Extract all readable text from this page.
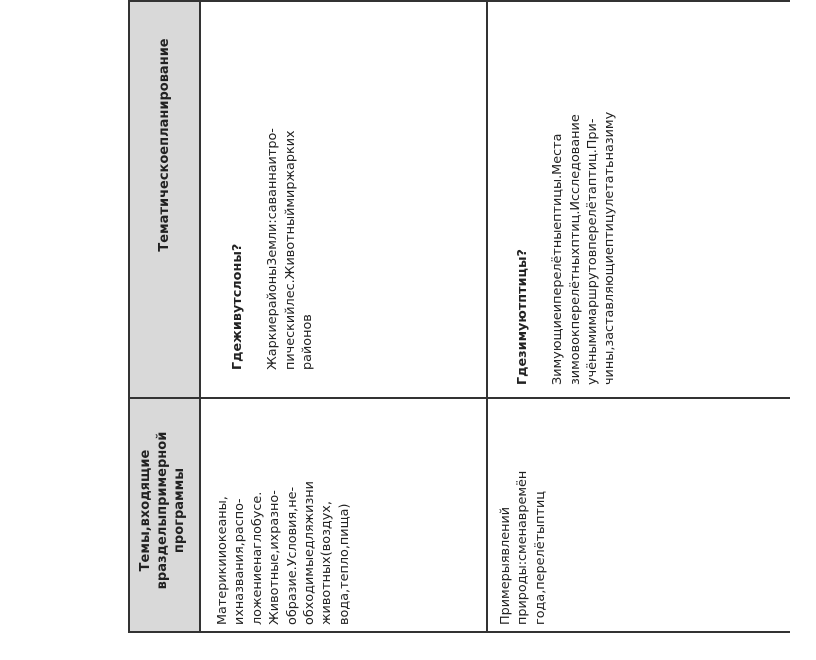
Тематическоепланирование
Темы,входящие
вразделыпримерной
программы Материкииокеаны,
ихназвания,распо-
ложениенаглобусе.
Животные,ихразно-
образие.Условия,не-
обходимыедляжизни
животных(воздух,
вода,тепло,пища)

Гдеживутслоны? Жаркиерайоны3емли:саваннаитро-
пическийлес.Животныймиржарких
районов

Примерыявлений
природы:сменавремён
года,перелётыптиц

Гдезимуютптицы? Зимующиеиперелётныептицы.Места
зимовокперелётныхптиц.Исследование
учёнымимаршрутовперелётаптиц.При-
чины,заставляющиептицулетатьназиму
